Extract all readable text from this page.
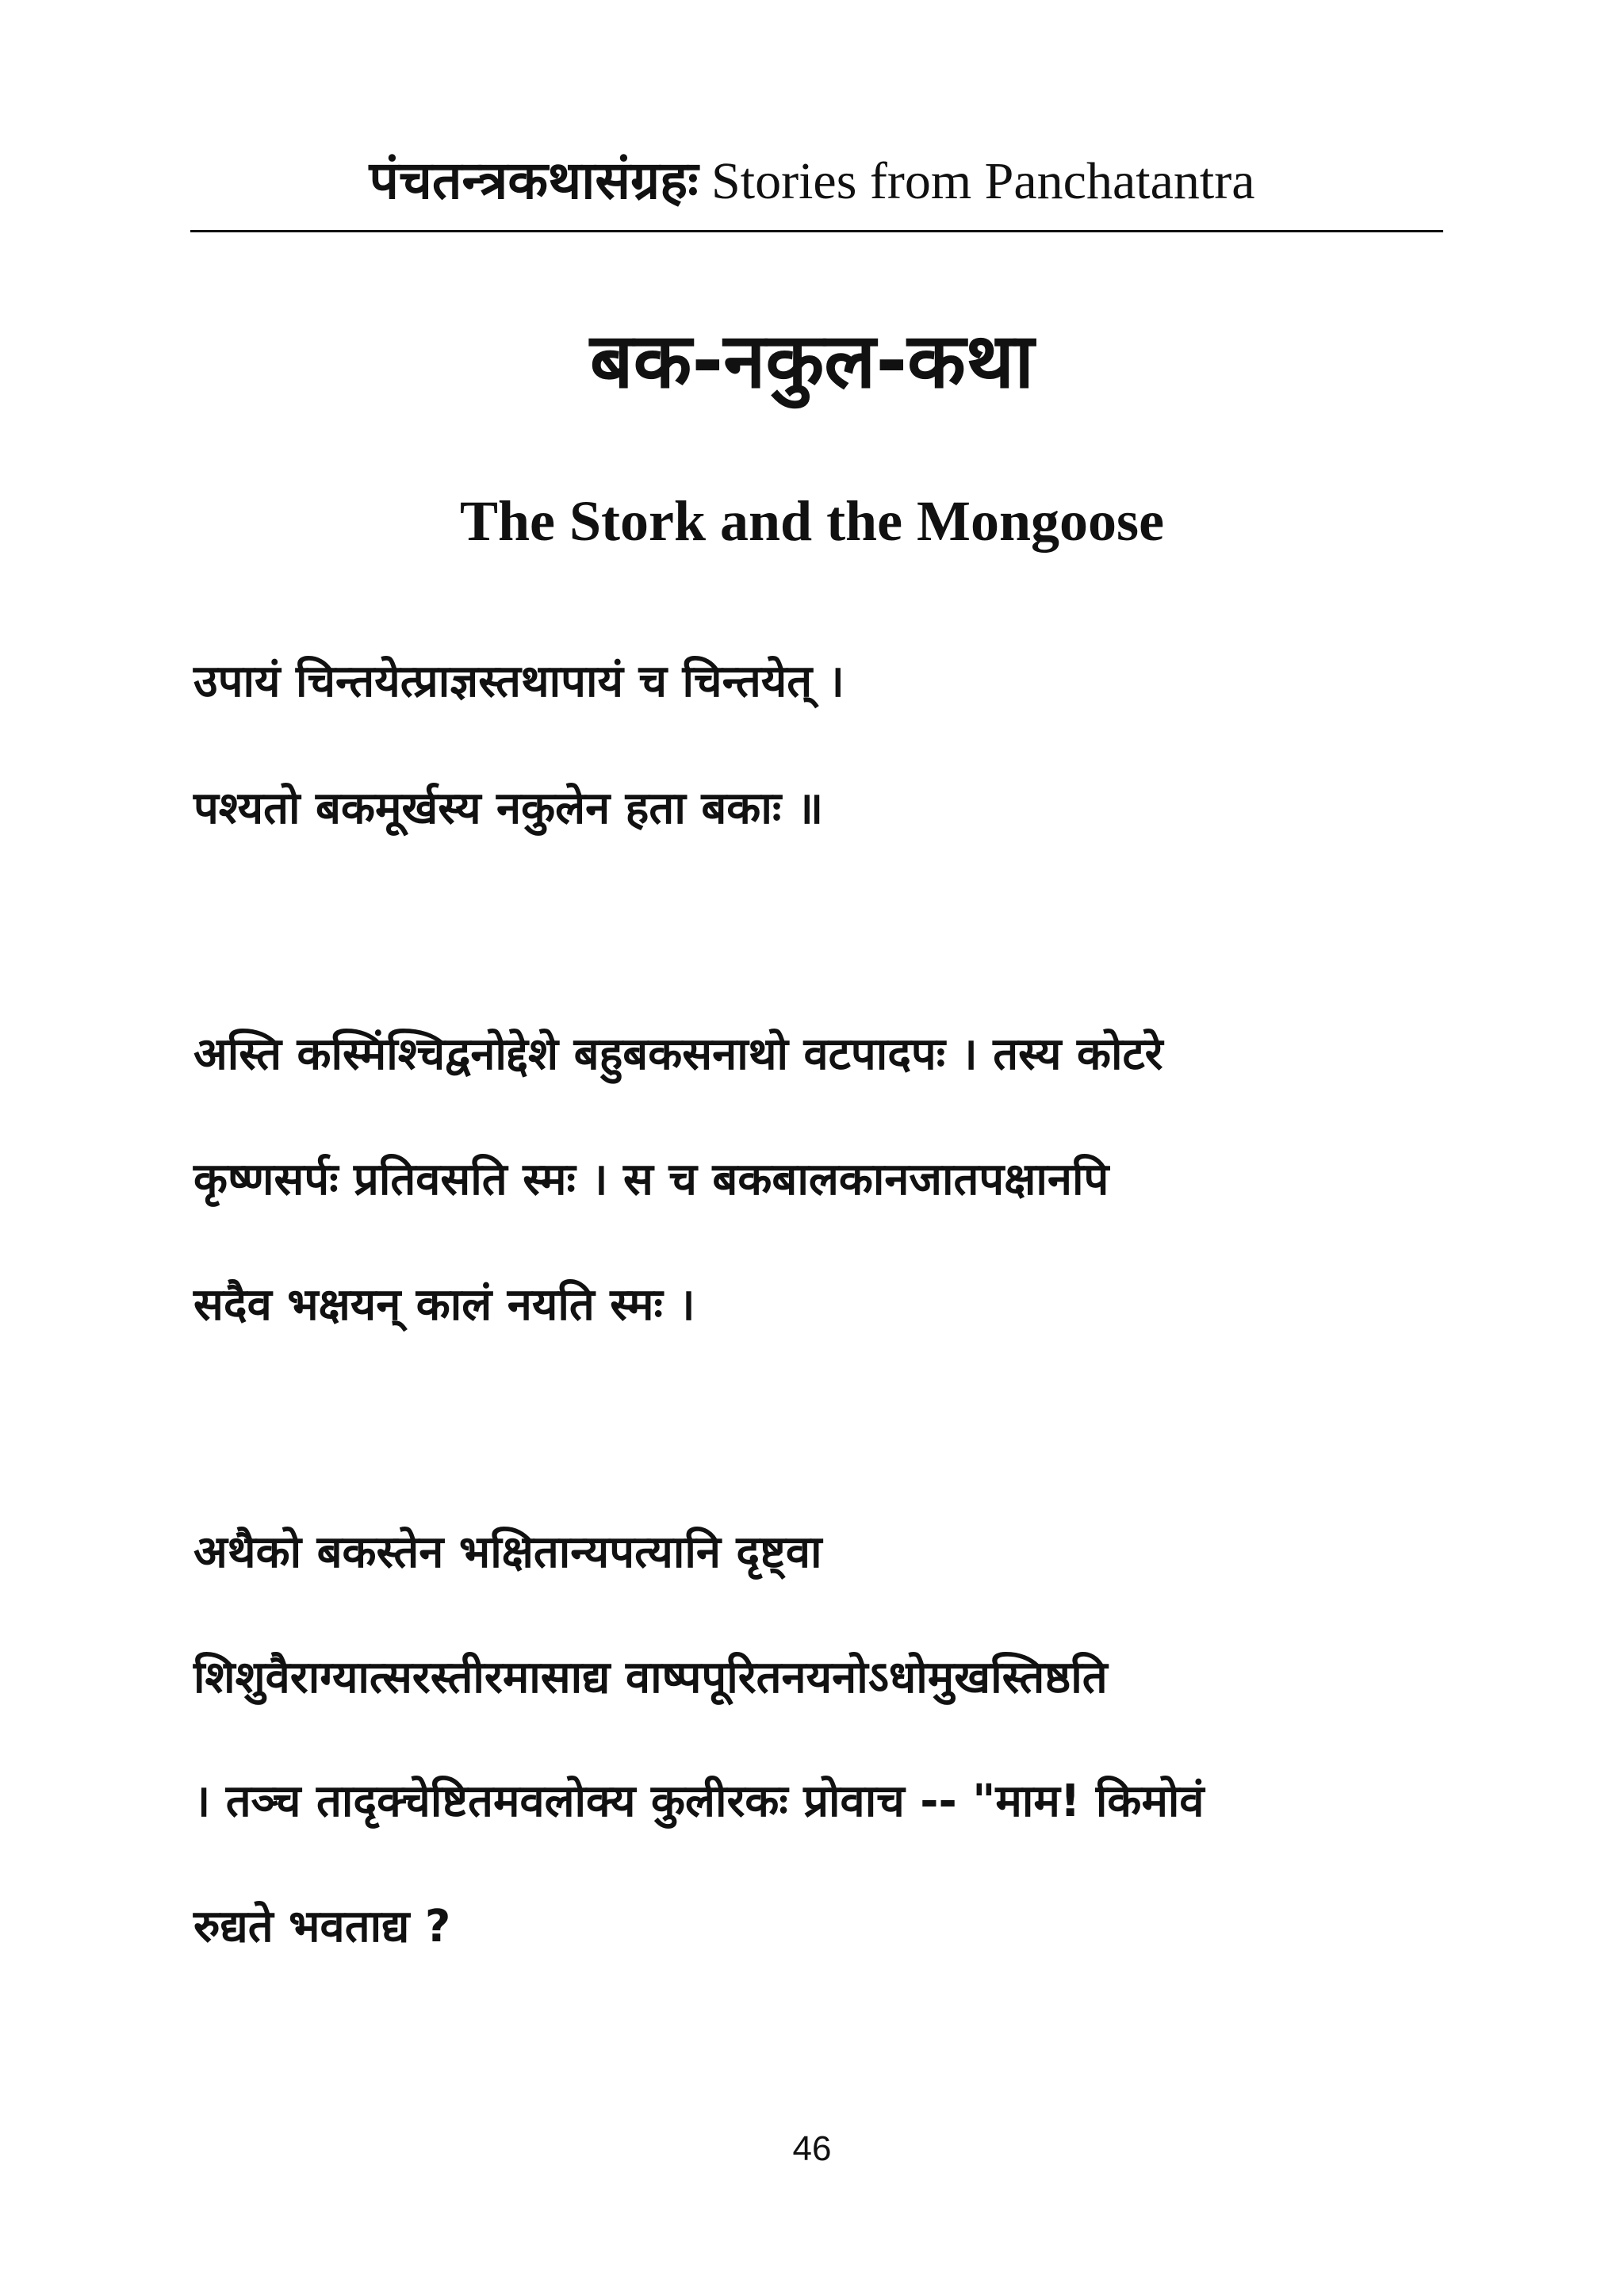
पंचतन्त्रकथासंग्रहः Stories from Panchatantra
बक-नकुल-कथा
The Stork and the Mongoose
उपायं चिन्तयेत्प्राज्ञस्तथापायं च चिन्तयेत् ।
पश्यतो बकमूर्खस्य नकुलेन हता बकाः ॥
अस्ति कस्मिंश्चिद्वनोद्देशे बहुबकसनाथो वटपादपः । तस्य कोटरे
कृष्णसर्पः प्रतिवसति स्मः । स च बकबालकानजातपक्षानपि
सदैव भक्षयन् कालं नयति स्मः ।
अथैको बकस्तेन भक्षितान्यपत्यानि दृष्ट्वा
शिशुवैराग्यात्सरस्तीरमासाद्य वाष्पपूरितनयनोऽधोमुखस्तिष्ठति
। तञ्च तादृक्चेष्टितमवलोक्य कुलीरकः प्रोवाच -- "माम! किमोवं
रुद्यते भवताद्य ?
46
